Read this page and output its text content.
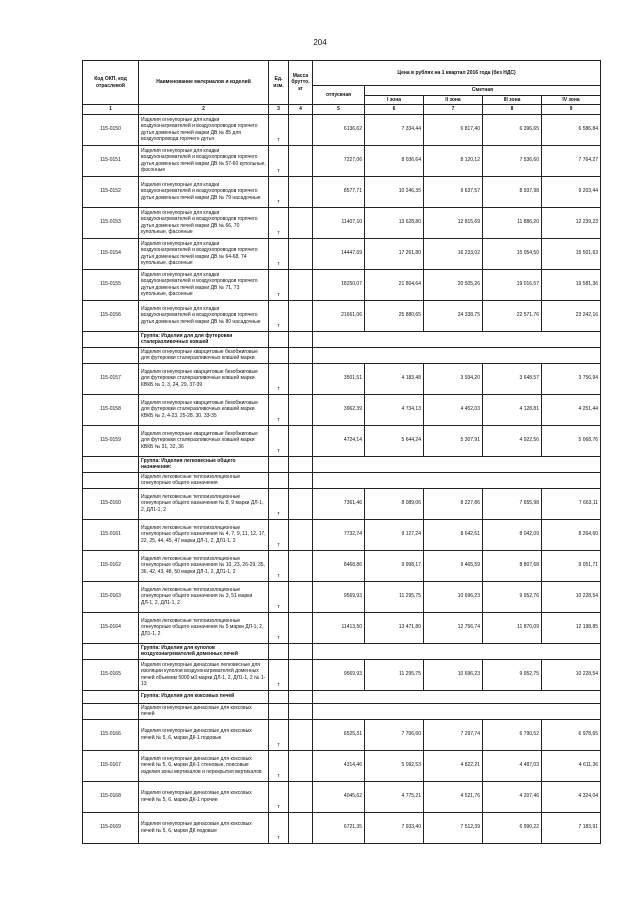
204
Код ОКП, код отраслевой	Наименование материалов и изделий	Ед. изм.	Масса брутто, кг	Цена в рублях на 1 квартал 2016 года (без НДС)				
				отпускная	Сметная			
					I зона	II зона	III зона	IV зона
1	2	3	4	5	6	7	8	9
115-0150	Изделия огнеупорные для кладки воздухонагревателей и воздухопроводов горячего дутья доменных печей марки ДВ № 85 для воздухопровода горячего дутья	т		6136,62	7 334,44	6 817,40	6 396,65	6 586,84
115-0151	Изделия огнеупорные для кладки воздухонагревателей и воздухопроводов горячего дутья доменных печей марки ДВ № 57-60 купольные, фасонные	т		7227,06	8 036,64	8 120,12	7 536,60	7 764,27
115-0152	Изделия огнеупорные для кладки воздухонагревателей и воздухопроводов горячего дутья доменных печей марки ДВ № 79 насадочные	т		8577,71	10 246,35	9 637,57	8 937,98	9 203,44
115-0153	Изделия огнеупорные для кладки воздухонагревателей и воздухопроводов горячего дутья доменных печей марки ДВ № 66, 70 купольные, фасонные	т		11407,10	13 628,80	12 815,69	11 886,20	12 239,23
115-0154	Изделия огнеупорные для кладки воздухонагревателей и воздухопроводов горячего дутья доменных печей марки ДВ № 64-68, 74 купольные, фасонные	т		14447,69	17 261,80	16 233,02	15 054,50	15 501,63
115-0155	Изделия огнеупорные для кладки воздухонагревателей и воздухопроводов горячего дутья доменных печей марки ДВ № 71, 73 купольные, фасонные	т		18250,07	21 804,64	20 505,26	19 016,57	19 581,36
115-0156	Изделия огнеупорные для кладки воздухонагревателей и воздухопроводов горячего дутья доменных печей марки ДВ № 80 насадочные	т		21661,06	25 880,65	24 338,75	22 571,76	23 242,16
	Группа: Изделия для для футеровки сталеразливочных ковшей							
	Изделия огнеупорные кварцитовые безобжиговые для футеровки сталеразливочных ковшей марки							
115-0157	Изделия огнеупорные кварцитовые безобжиговые для футеровки сталеразливочных ковшей марки КВКБ № 1, 3, 24, 29, 37-39	т		3501,51	4 183,48	3 934,20	3 648,57	3 756,94
115-0158	Изделия огнеупорные кварцитовые безобжиговые для футеровки сталеразливочных ковшей марки КВКБ № 2, 4-23, 25-28, 30, 33-35	т		3962,39	4 734,13	4 452,03	4 128,81	4 251,44
115-0159	Изделия огнеупорные кварцитовые безобжиговые для футеровки сталеразливочных ковшей марки КВКБ № 31, 32, 36	т		4724,14	5 644,24	5 307,91	4 922,56	5 068,76
	Группа: Изделия легковесные общего назначения:							
	Изделия легковесные теплоизоляционные огнеупорные общего назначения							
115-0160	Изделия легковесные теплоизоляционные огнеупорные общего назначения № 8, 9 марки ДЛ-1, 2, ДЛ1-1, 2	т		7361,46	8 089,06	8 227,86	7 655,98	7 663,11
115-0161	Изделия легковесные теплоизоляционные огнеупорные общего назначения № 4, 7, 9, 11, 12, 17, 22, 25, 44, 45, 47 марки ДЛ-1, 2, ДЛ1-1, 2	т		7732,74	9 127,24	8 642,61	8 042,09	8 264,60
115-0162	Изделия легковесные теплоизоляционные огнеупорные общего назначения № 10, 23, 26-29, 35, 36, 42, 43, 48, 50 марки ДЛ-1, 2, ДЛ1-1, 2	т		8468,86	9 998,17	9 465,59	8 807,68	9 051,71
115-0163	Изделия легковесные теплоизоляционные огнеупорные общего назначения № 3, 51 марки ДЛ-1, 2, ДЛ1-1, 2	т		9569,93	11 295,75	10 696,23	9 952,76	10 228,54
115-0164	Изделия легковесные теплоизоляционные огнеупорные общего назначения № 5 марки ДЛ-1, 2, ДЛ1-1, 2	т		11413,50	13 471,80	12 756,74	11 870,09	12 198,85
	Группа: Изделия для куполов воздухонагревателей доменных печей							
115-0165	Изделия огнеупорные динасовые легковесные для изоляции куполов воздухонагревателей доменных печей объемом 5000 м3 марки ДЛ-1, 2, ДЛ1-1, 2 № 1-13	т		9569,93	11 295,75	10 696,23	9 952,75	10 228,54
	Группа: Изделия для коксовых печей							
	Изделия огнеупорные динасовые для коксовых печей							
115-0166	Изделия огнеупорные динасовые для коксовых печей № 5, 6, марки ДК-1 подовые	т		6525,31	7 706,60	7 297,74	6 790,52	6 978,65
115-0167	Изделия огнеупорные динасовые для коксовых печей № 5, 6, марки ДК-1 стеновые, поясовые изделия зоны вертикалов и перекрытия вертикалов	т		4314,46	5 092,53	4 822,21	4 487,03	4 611,36
115-0168	Изделия огнеупорные динасовые для коксовых печей № 5, 6, марки ДК-1 прочие	т		4045,62	4 775,21	4 521,76	4 207,46	4 324,04
115-0169	Изделия огнеупорные динасовые для коксовых печей № 5, 6, марки ДК подовые	т		6721,35	7 933,40	7 512,39	6 990,22	7 183,91
